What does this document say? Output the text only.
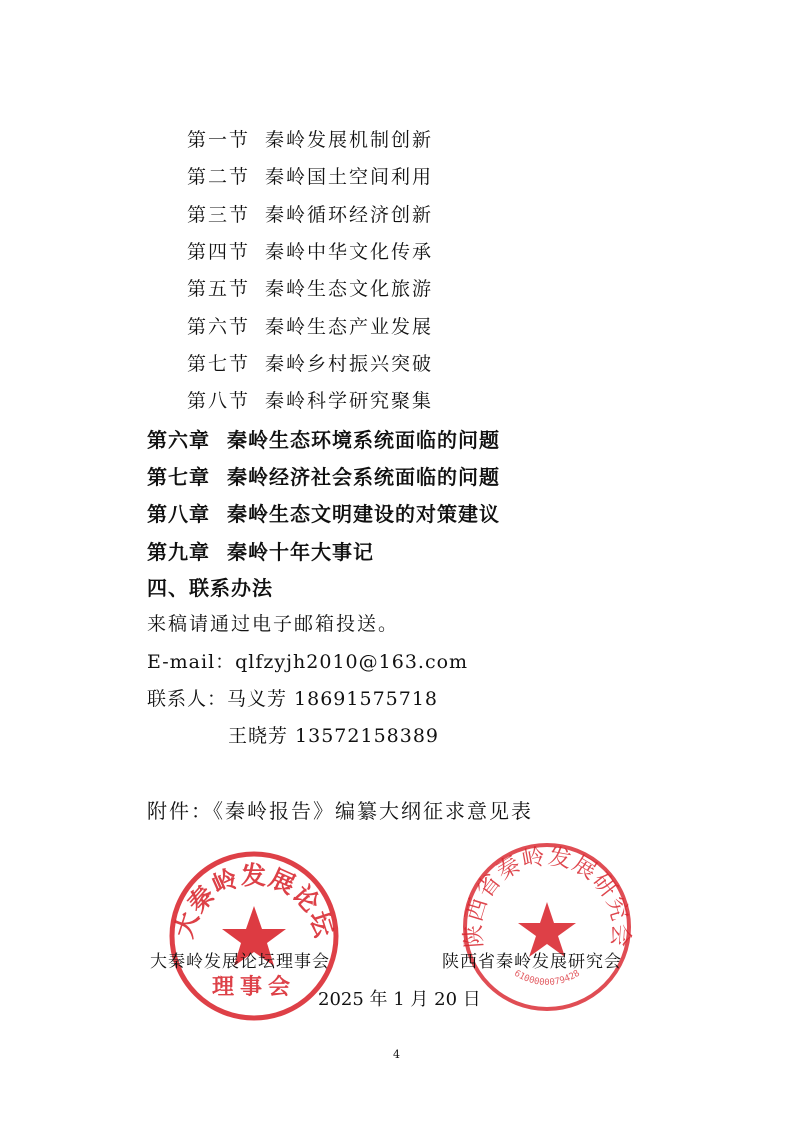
第一节 秦岭发展机制创新
第二节 秦岭国土空间利用
第三节 秦岭循环经济创新
第四节 秦岭中华文化传承
第五节 秦岭生态文化旅游
第六节 秦岭生态产业发展
第七节 秦岭乡村振兴突破
第八节 秦岭科学研究聚集
第六章 秦岭生态环境系统面临的问题
第七章 秦岭经济社会系统面临的问题
第八章 秦岭生态文明建设的对策建议
第九章 秦岭十年大事记
四、联系办法
来稿请通过电子邮箱投送。
E-mail：qlfzyjh2010@163.com
联系人：马义芳 18691575718
王晓芳 13572158389
附件：《秦岭报告》编纂大纲征求意见表
大秦岭发展论坛
理事会
陕西省秦岭发展研究会
6100000079428
大秦岭发展论坛理事会	陕西省秦岭发展研究会
2025 年 1 月 20 日
4
